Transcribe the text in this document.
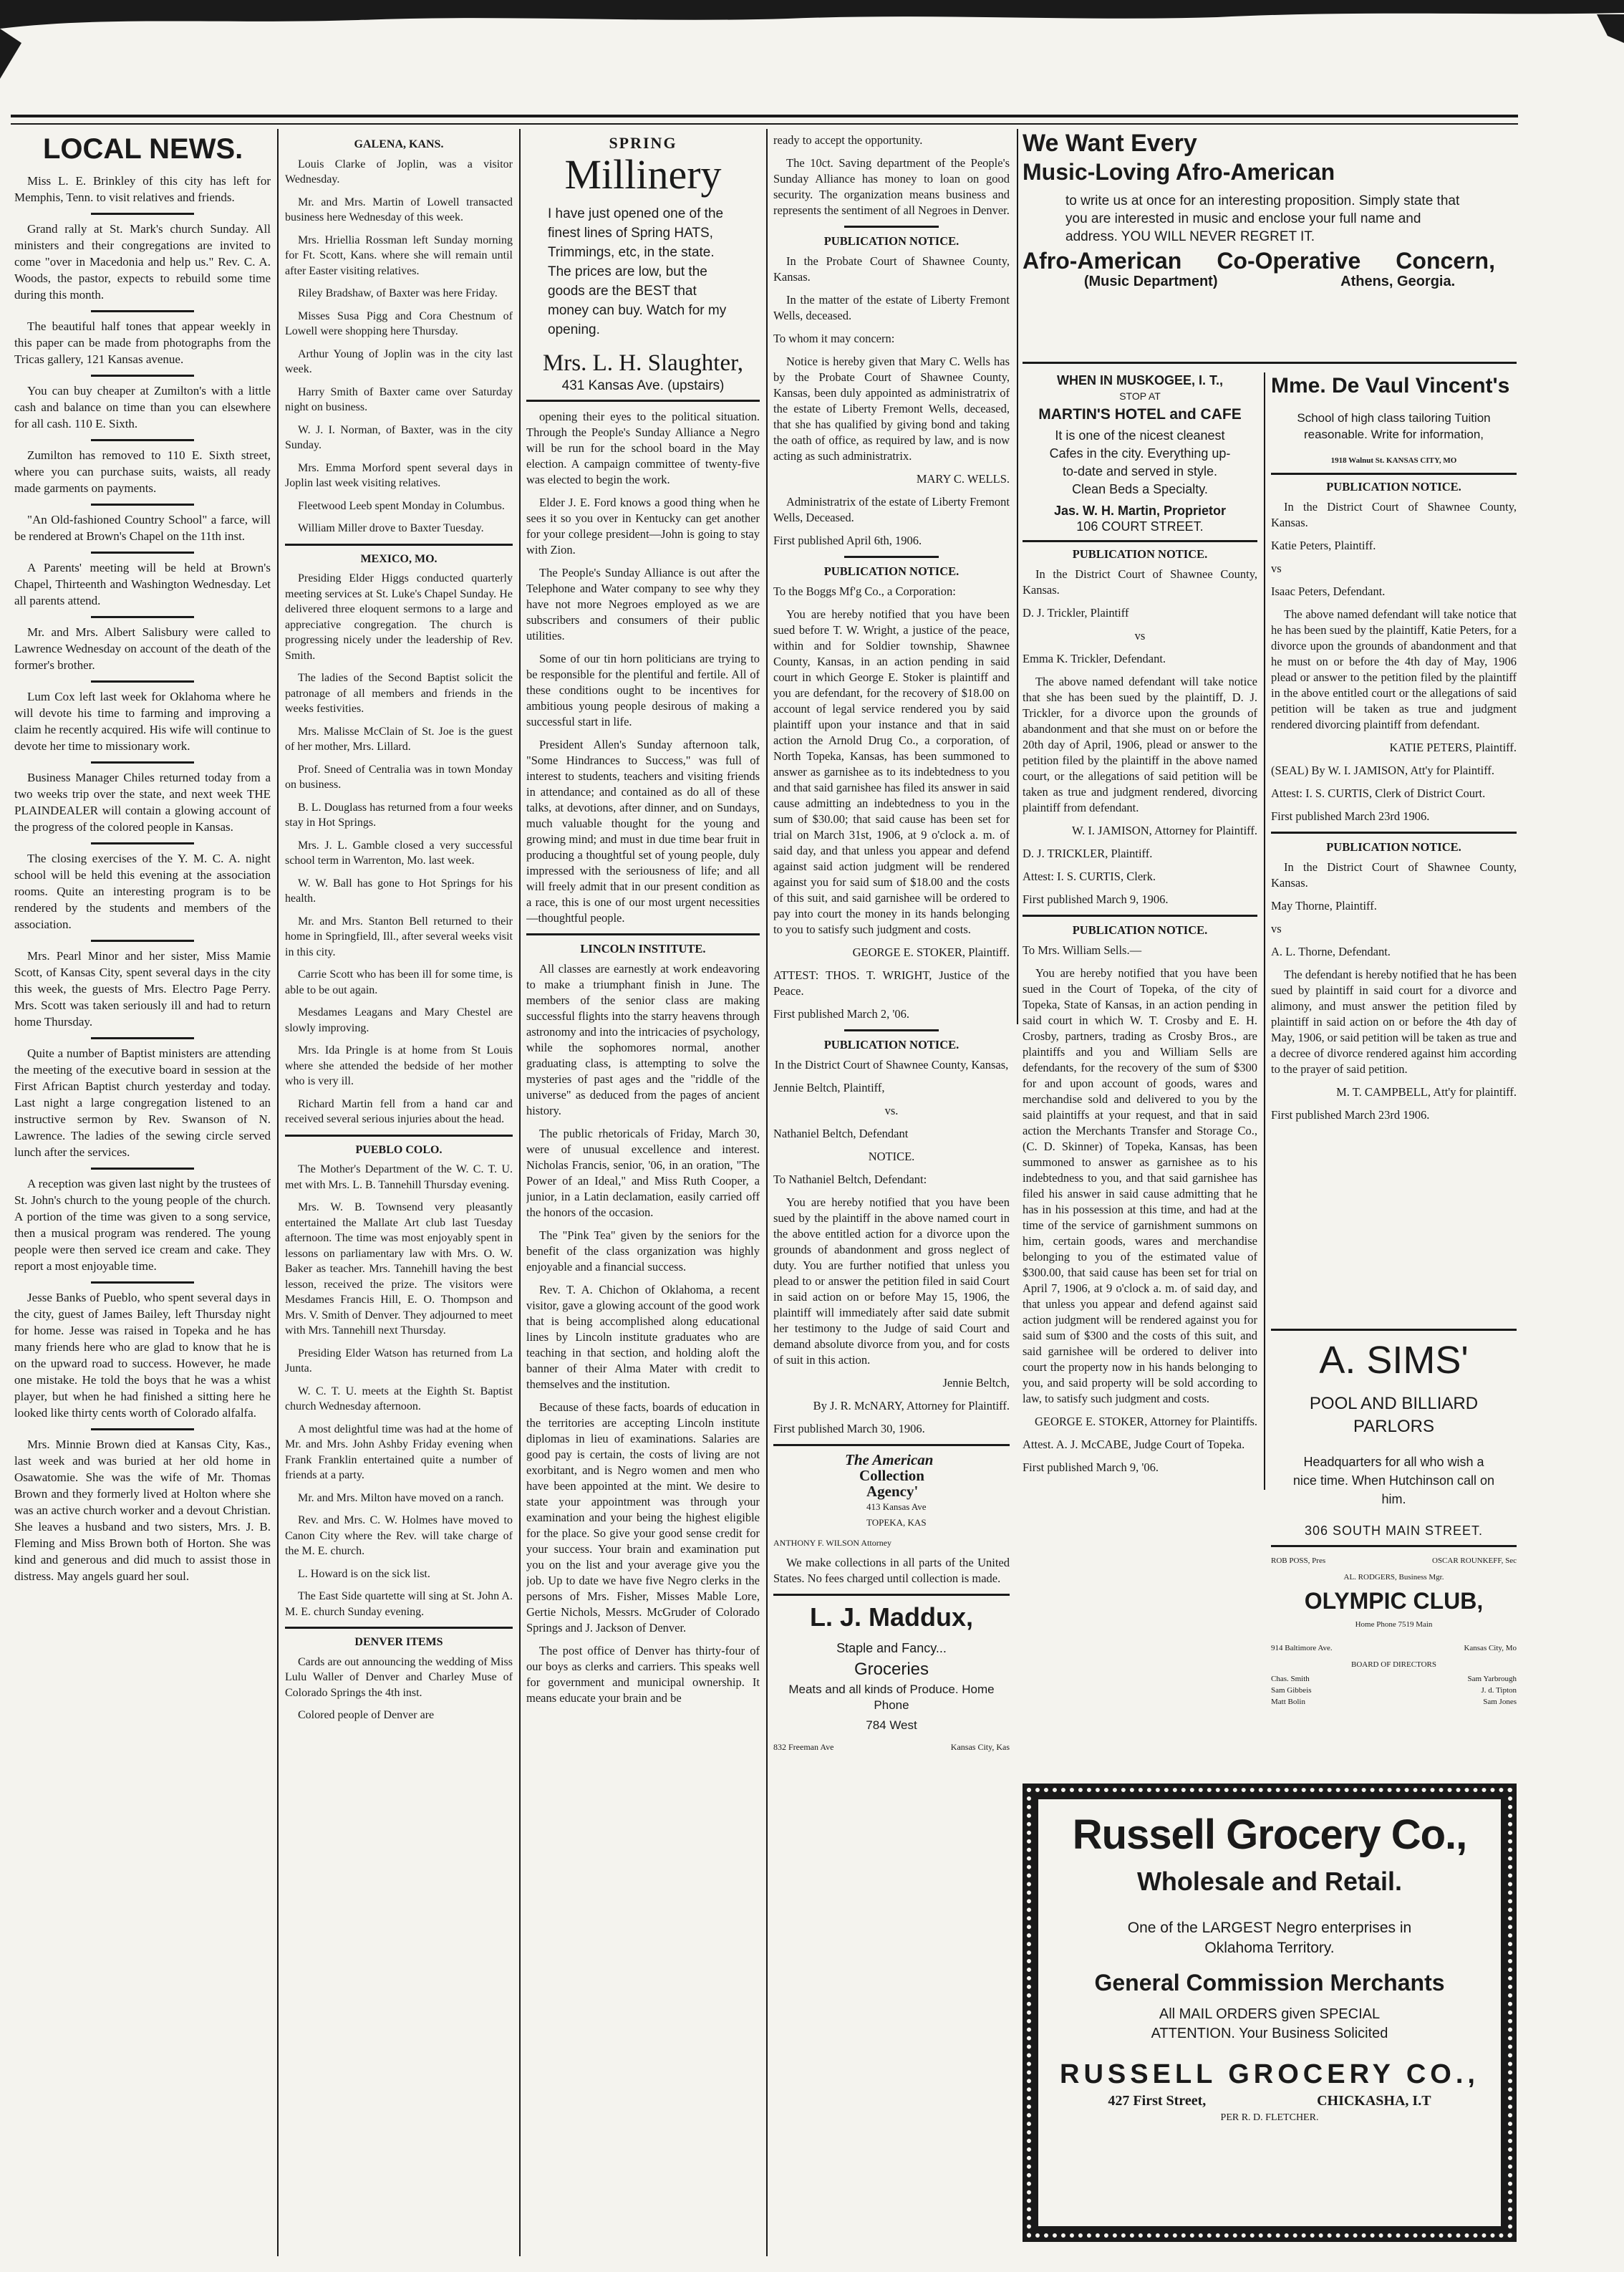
LOCAL NEWS.

Miss L. E. Brinkley of this city has left for Memphis, Tenn. to visit relatives and friends.

Grand rally at St. Mark's church Sunday. All ministers and their congregations are invited to come "over in Macedonia and help us." Rev. C. A. Woods, the pastor, expects to rebuild some time during this month.

The beautiful half tones that appear weekly in this paper can be made from photographs from the Tricas gallery, 121 Kansas avenue.

You can buy cheaper at Zumilton's with a little cash and balance on time than you can elsewhere for all cash. 110 E. Sixth.

Zumilton has removed to 110 E. Sixth street, where you can purchase suits, waists, all ready made garments on payments.

"An Old-fashioned Country School" a farce, will be rendered at Brown's Chapel on the 11th inst.

A Parents' meeting will be held at Brown's Chapel, Thirteenth and Washington Wednesday. Let all parents attend.

Mr. and Mrs. Albert Salisbury were called to Lawrence Wednesday on account of the death of the former's brother.

Lum Cox left last week for Oklahoma where he will devote his time to farming and improving a claim he recently acquired. His wife will continue to devote her time to missionary work.

Business Manager Chiles returned today from a two weeks trip over the state, and next week THE PLAINDEALER will contain a glowing account of the progress of the colored people in Kansas.

The closing exercises of the Y. M. C. A. night school will be held this evening at the association rooms. Quite an interesting program is to be rendered by the students and members of the association.

Mrs. Pearl Minor and her sister, Miss Mamie Scott, of Kansas City, spent several days in the city this week, the guests of Mrs. Electro Page Perry. Mrs. Scott was taken seriously ill and had to return home Thursday.

Quite a number of Baptist ministers are attending the meeting of the executive board in session at the First African Baptist church yesterday and today. Last night a large congregation listened to an instructive sermon by Rev. Swanson of N. Lawrence. The ladies of the sewing circle served lunch after the services.

A reception was given last night by the trustees of St. John's church to the young people of the church. A portion of the time was given to a song service, then a musical program was rendered. The young people were then served ice cream and cake. They report a most enjoyable time.

Jesse Banks of Pueblo, who spent several days in the city, guest of James Bailey, left Thursday night for home. Jesse was raised in Topeka and he has many friends here who are glad to know that he is on the upward road to success. However, he made one mistake. He told the boys that he was a whist player, but when he had finished a sitting here he looked like thirty cents worth of Colorado alfalfa.

Mrs. Minnie Brown died at Kansas City, Kas., last week and was buried at her old home in Osawatomie. She was the wife of Mr. Thomas Brown and they formerly lived at Holton where she was an active church worker and a devout Christian. She leaves a husband and two sisters, Mrs. J. B. Fleming and Miss Brown both of Horton. She was kind and generous and did much to assist those in distress. May angels guard her soul.

GALENA, KANS.

Louis Clarke of Joplin, was a visitor Wednesday.

Mr. and Mrs. Martin of Lowell transacted business here Wednesday of this week.

Mrs. Hriellia Rossman left Sunday morning for Ft. Scott, Kans. where she will remain until after Easter visiting relatives.

Riley Bradshaw, of Baxter was here Friday.

Misses Susa Pigg and Cora Chestnum of Lowell were shopping here Thursday.

Arthur Young of Joplin was in the city last week.

Harry Smith of Baxter came over Saturday night on business.

W. J. I. Norman, of Baxter, was in the city Sunday.

Mrs. Emma Morford spent several days in Joplin last week visiting relatives.

Fleetwood Leeb spent Monday in Columbus.

William Miller drove to Baxter Tuesday.

MEXICO, MO.

Presiding Elder Higgs conducted quarterly meeting services at St. Luke's Chapel Sunday. He delivered three eloquent sermons to a large and appreciative congregation. The church is progressing nicely under the leadership of Rev. Smith.

The ladies of the Second Baptist solicit the patronage of all members and friends in the weeks festivities.

Mrs. Malisse McClain of St. Joe is the guest of her mother, Mrs. Lillard.

Prof. Sneed of Centralia was in town Monday on business.

B. L. Douglass has returned from a four weeks stay in Hot Springs.

Mrs. J. L. Gamble closed a very successful school term in Warrenton, Mo. last week.

W. W. Ball has gone to Hot Springs for his health.

Mr. and Mrs. Stanton Bell returned to their home in Springfield, Ill., after several weeks visit in this city.

Carrie Scott who has been ill for some time, is able to be out again.

Mesdames Leagans and Mary Chestel are slowly improving.

Mrs. Ida Pringle is at home from St Louis where she attended the bedside of her mother who is very ill.

Richard Martin fell from a hand car and received several serious injuries about the head.

PUEBLO COLO.

The Mother's Department of the W. C. T. U. met with Mrs. L. B. Tannehill Thursday evening.

Mrs. W. B. Townsend very pleasantly entertained the Mallate Art club last Tuesday afternoon. The time was most enjoyably spent in lessons on parliamentary law with Mrs. O. W. Baker as teacher. Mrs. Tannehill having the best lesson, received the prize. The visitors were Mesdames Francis Hill, E. O. Thompson and Mrs. V. Smith of Denver. They adjourned to meet with Mrs. Tannehill next Thursday.

Presiding Elder Watson has returned from La Junta.

W. C. T. U. meets at the Eighth St. Baptist church Wednesday afternoon.

A most delightful time was had at the home of Mr. and Mrs. John Ashby Friday evening when Frank Franklin entertained quite a number of friends at a party.

Mr. and Mrs. Milton have moved on a ranch.

Rev. and Mrs. C. W. Holmes have moved to Canon City where the Rev. will take charge of the M. E. church.

L. Howard is on the sick list.

The East Side quartette will sing at St. John A. M. E. church Sunday evening.

DENVER ITEMS

Cards are out announcing the wedding of Miss Lulu Waller of Denver and Charley Muse of Colorado Springs the 4th inst.

Colored people of Denver are

SPRING
Millinery
I have just opened one of the finest lines of Spring HATS, Trimmings, etc, in the state. The prices are low, but the goods are the BEST that money can buy. Watch for my opening.
Mrs. L. H. Slaughter,
431 Kansas Ave. (upstairs)

opening their eyes to the political situation. Through the People's Sunday Alliance a Negro will be run for the school board in the May election. A campaign committee of twenty-five was elected to begin the work.

Elder J. E. Ford knows a good thing when he sees it so you over in Kentucky can get another for your college president—John is going to stay with Zion.

The People's Sunday Alliance is out after the Telephone and Water company to see why they have not more Negroes employed as we are subscribers and consumers of their public utilities.

Some of our tin horn politicians are trying to be responsible for the plentiful and fertile. All of these conditions ought to be incentives for ambitious young people desirous of making a successful start in life.

President Allen's Sunday afternoon talk, "Some Hindrances to Success," was full of interest to students, teachers and visiting friends in attendance; and contained as do all of these talks, at devotions, after dinner, and on Sundays, much valuable thought for the young and growing mind; and must in due time bear fruit in producing a thoughtful set of young people, duly impressed with the seriousness of life; and all will freely admit that in our present condition as a race, this is one of our most urgent necessities—thoughtful people.

LINCOLN INSTITUTE.

All classes are earnestly at work endeavoring to make a triumphant finish in June. The members of the senior class are making successful flights into the starry heavens through astronomy and into the intricacies of psychology, while the sophomores normal, another graduating class, is attempting to solve the mysteries of past ages and the "riddle of the universe" as deduced from the pages of ancient history.

The public rhetoricals of Friday, March 30, were of unusual excellence and interest. Nicholas Francis, senior, '06, in an oration, "The Power of an Ideal," and Miss Ruth Cooper, a junior, in a Latin declamation, easily carried off the honors of the occasion.

The "Pink Tea" given by the seniors for the benefit of the class organization was highly enjoyable and a financial success.

Rev. T. A. Chichon of Oklahoma, a recent visitor, gave a glowing account of the good work that is being accomplished along educational lines by Lincoln institute graduates who are teaching in that section, and holding aloft the banner of their Alma Mater with credit to themselves and the institution.

Because of these facts, boards of education in the territories are accepting Lincoln institute diplomas in lieu of examinations. Salaries are good pay is certain, the costs of living are not exorbitant, and is Negro women and men who have been appointed at the mint. We desire to state your appointment was through your examination and your being the highest eligible for the place. So give your good sense credit for your success. Your brain and examination put you on the list and your average give you the job. Up to date we have five Negro clerks in the persons of Mrs. Fisher, Misses Mable Lore, Gertie Nichols, Messrs. McGruder of Colorado Springs and J. Jackson of Denver.

The post office of Denver has thirty-four of our boys as clerks and carriers. This speaks well for government and municipal ownership. It means educate your brain and be

ready to accept the opportunity.

The 10ct. Saving department of the People's Sunday Alliance has money to loan on good security. The organization means business and represents the sentiment of all Negroes in Denver.

PUBLICATION NOTICE.

In the Probate Court of Shawnee County, Kansas.

In the matter of the estate of Liberty Fremont Wells, deceased.

To whom it may concern:

Notice is hereby given that Mary C. Wells has by the Probate Court of Shawnee County, Kansas, been duly appointed as administratrix of the estate of Liberty Fremont Wells, deceased, that she has qualified by giving bond and taking the oath of office, as required by law, and is now acting as such administratrix.

MARY C. WELLS.

Administratrix of the estate of Liberty Fremont Wells, Deceased.

First published April 6th, 1906.

PUBLICATION NOTICE.

To the Boggs Mf'g Co., a Corporation:

You are hereby notified that you have been sued before T. W. Wright, a justice of the peace, within and for Soldier township, Shawnee County, Kansas, in an action pending in said court in which George E. Stoker is plaintiff and you are defendant, for the recovery of $18.00 on account of legal service rendered you by said plaintiff upon your instance and that in said action the Arnold Drug Co., a corporation, of North Topeka, Kansas, has been summoned to answer as garnishee as to its indebtedness to you and that said garnishee has filed its answer in said cause admitting an indebtedness to you in the sum of $30.00; that said cause has been set for trial on March 31st, 1906, at 9 o'clock a. m. of said day, and that unless you appear and defend against said action judgment will be rendered against you for said sum of $18.00 and the costs of this suit, and said garnishee will be ordered to pay into court the money in its hands belonging to you to satisfy such judgment and costs.

GEORGE E. STOKER, Plaintiff.

ATTEST: THOS. T. WRIGHT, Justice of the Peace.

First published March 2, '06.

PUBLICATION NOTICE.

In the District Court of Shawnee County, Kansas,

Jennie Beltch, Plaintiff,

vs.

Nathaniel Beltch, Defendant

NOTICE.

To Nathaniel Beltch, Defendant:

You are hereby notified that you have been sued by the plaintiff in the above named court in the above entitled action for a divorce upon the grounds of abandonment and gross neglect of duty. You are further notified that unless you plead to or answer the petition filed in said Court in said action on or before May 15, 1906, the plaintiff will immediately after said date submit her testimony to the Judge of said Court and demand absolute divorce from you, and for costs of suit in this action.

Jennie Beltch,

By J. R. McNARY, Attorney for Plaintiff.

First published March 30, 1906.

The American
Collection
Agency'
413 Kansas Ave
TOPEKA, KAS
ANTHONY F. WILSON Attorney

We make collections in all parts of the United States. No fees charged until collection is made.

L. J. Maddux,
Staple and Fancy...
Groceries
Meats and all kinds of Produce. Home Phone
784 West
832 Freeman Ave	Kansas City, Kas
We Want Every
Music-Loving Afro-American
to write us at once for an interesting proposition. Simply state that you are interested in music and enclose your full name and address. YOU WILL NEVER REGRET IT.
Afro-American Co-Operative Concern,
(Music Department)	Athens, Georgia.
WHEN IN MUSKOGEE, I. T.,
STOP AT
MARTIN'S HOTEL and CAFE
It is one of the nicest cleanest Cafes in the city. Everything up-to-date and served in style. Clean Beds a Specialty.
Jas. W. H. Martin, Proprietor
106 COURT STREET.
PUBLICATION NOTICE.

In the District Court of Shawnee County, Kansas.

D. J. Trickler, Plaintiff

vs

Emma K. Trickler, Defendant.

The above named defendant will take notice that she has been sued by the plaintiff, D. J. Trickler, for a divorce upon the grounds of abandonment and that she must on or before the 20th day of April, 1906, plead or answer to the petition filed by the plaintiff in the above named court, or the allegations of said petition will be taken as true and judgment rendered, divorcing plaintiff from defendant.

W. I. JAMISON, Attorney for Plaintiff.

D. J. TRICKLER, Plaintiff.

Attest: I. S. CURTIS, Clerk.

First published March 9, 1906.

PUBLICATION NOTICE.

To Mrs. William Sells.—

You are hereby notified that you have been sued in the Court of Topeka, of the city of Topeka, State of Kansas, in an action pending in said court in which W. T. Crosby and E. H. Crosby, partners, trading as Crosby Bros., are plaintiffs and you and William Sells are defendants, for the recovery of the sum of $300 for and upon account of goods, wares and merchandise sold and delivered to you by the said plaintiffs at your request, and that in said action the Merchants Transfer and Storage Co., (C. D. Skinner) of Topeka, Kansas, has been summoned to answer as garnishee as to his indebtedness to you, and that said garnishee has filed his answer in said cause admitting that he has in his possession at this time, and had at the time of the service of garnishment summons on him, certain goods, wares and merchandise belonging to you of the estimated value of $300.00, that said cause has been set for trial on April 7, 1906, at 9 o'clock a. m. of said day, and that unless you appear and defend against said action judgment will be rendered against you for said sum of $300 and the costs of this suit, and said garnishee will be ordered to deliver into court the property now in his hands belonging to you, and said property will be sold according to law, to satisfy such judgment and costs.

GEORGE E. STOKER, Attorney for Plaintiffs.

Attest. A. J. McCABE, Judge Court of Topeka.

First published March 9, '06.

Mme. De Vaul Vincent's
School of high class tailoring Tuition reasonable. Write for information,
1918 Walnut St. KANSAS CITY, MO
PUBLICATION NOTICE.

In the District Court of Shawnee County, Kansas.

Katie Peters, Plaintiff.

vs

Isaac Peters, Defendant.

The above named defendant will take notice that he has been sued by the plaintiff, Katie Peters, for a divorce upon the grounds of abandonment and that he must on or before the 4th day of May, 1906 plead or answer to the petition filed by the plaintiff in the above entitled court or the allegations of said petition will be taken as true and judgment rendered divorcing plaintiff from defendant.

KATIE PETERS, Plaintiff.

(SEAL) By W. I. JAMISON, Att'y for Plaintiff.

Attest: I. S. CURTIS, Clerk of District Court.

First published March 23rd 1906.

PUBLICATION NOTICE.

In the District Court of Shawnee County, Kansas.

May Thorne, Plaintiff.

vs

A. L. Thorne, Defendant.

The defendant is hereby notified that he has been sued by plaintiff in said court for a divorce and alimony, and must answer the petition filed by plaintiff in said action on or before the 4th day of May, 1906, or said petition will be taken as true and a decree of divorce rendered against him according to the prayer of said petition.

M. T. CAMPBELL, Att'y for plaintiff.

First published March 23rd 1906.

A. SIMS'
POOL AND BILLIARD PARLORS
Headquarters for all who wish a nice time. When Hutchinson call on him.
306 SOUTH MAIN STREET.
ROB POSS, Pres	OSCAR ROUNKEFF, Sec
AL. RODGERS, Business Mgr.
OLYMPIC CLUB,
Home Phone 7519 Main
914 Baltimore Ave.	Kansas City, Mo
BOARD OF DIRECTORS
Chas. Smith	Sam Yarbrough
Sam Gibbeis	J. d. Tipton
Matt Bolin	Sam Jones
Russell Grocery Co.,
Wholesale and Retail.
One of the LARGEST Negro enterprises in Oklahoma Territory.
General Commission Merchants
All MAIL ORDERS given SPECIAL ATTENTION. Your Business Solicited
RUSSELL GROCERY CO.,
427 First Street,	CHICKASHA, I.T
PER R. D. FLETCHER.
